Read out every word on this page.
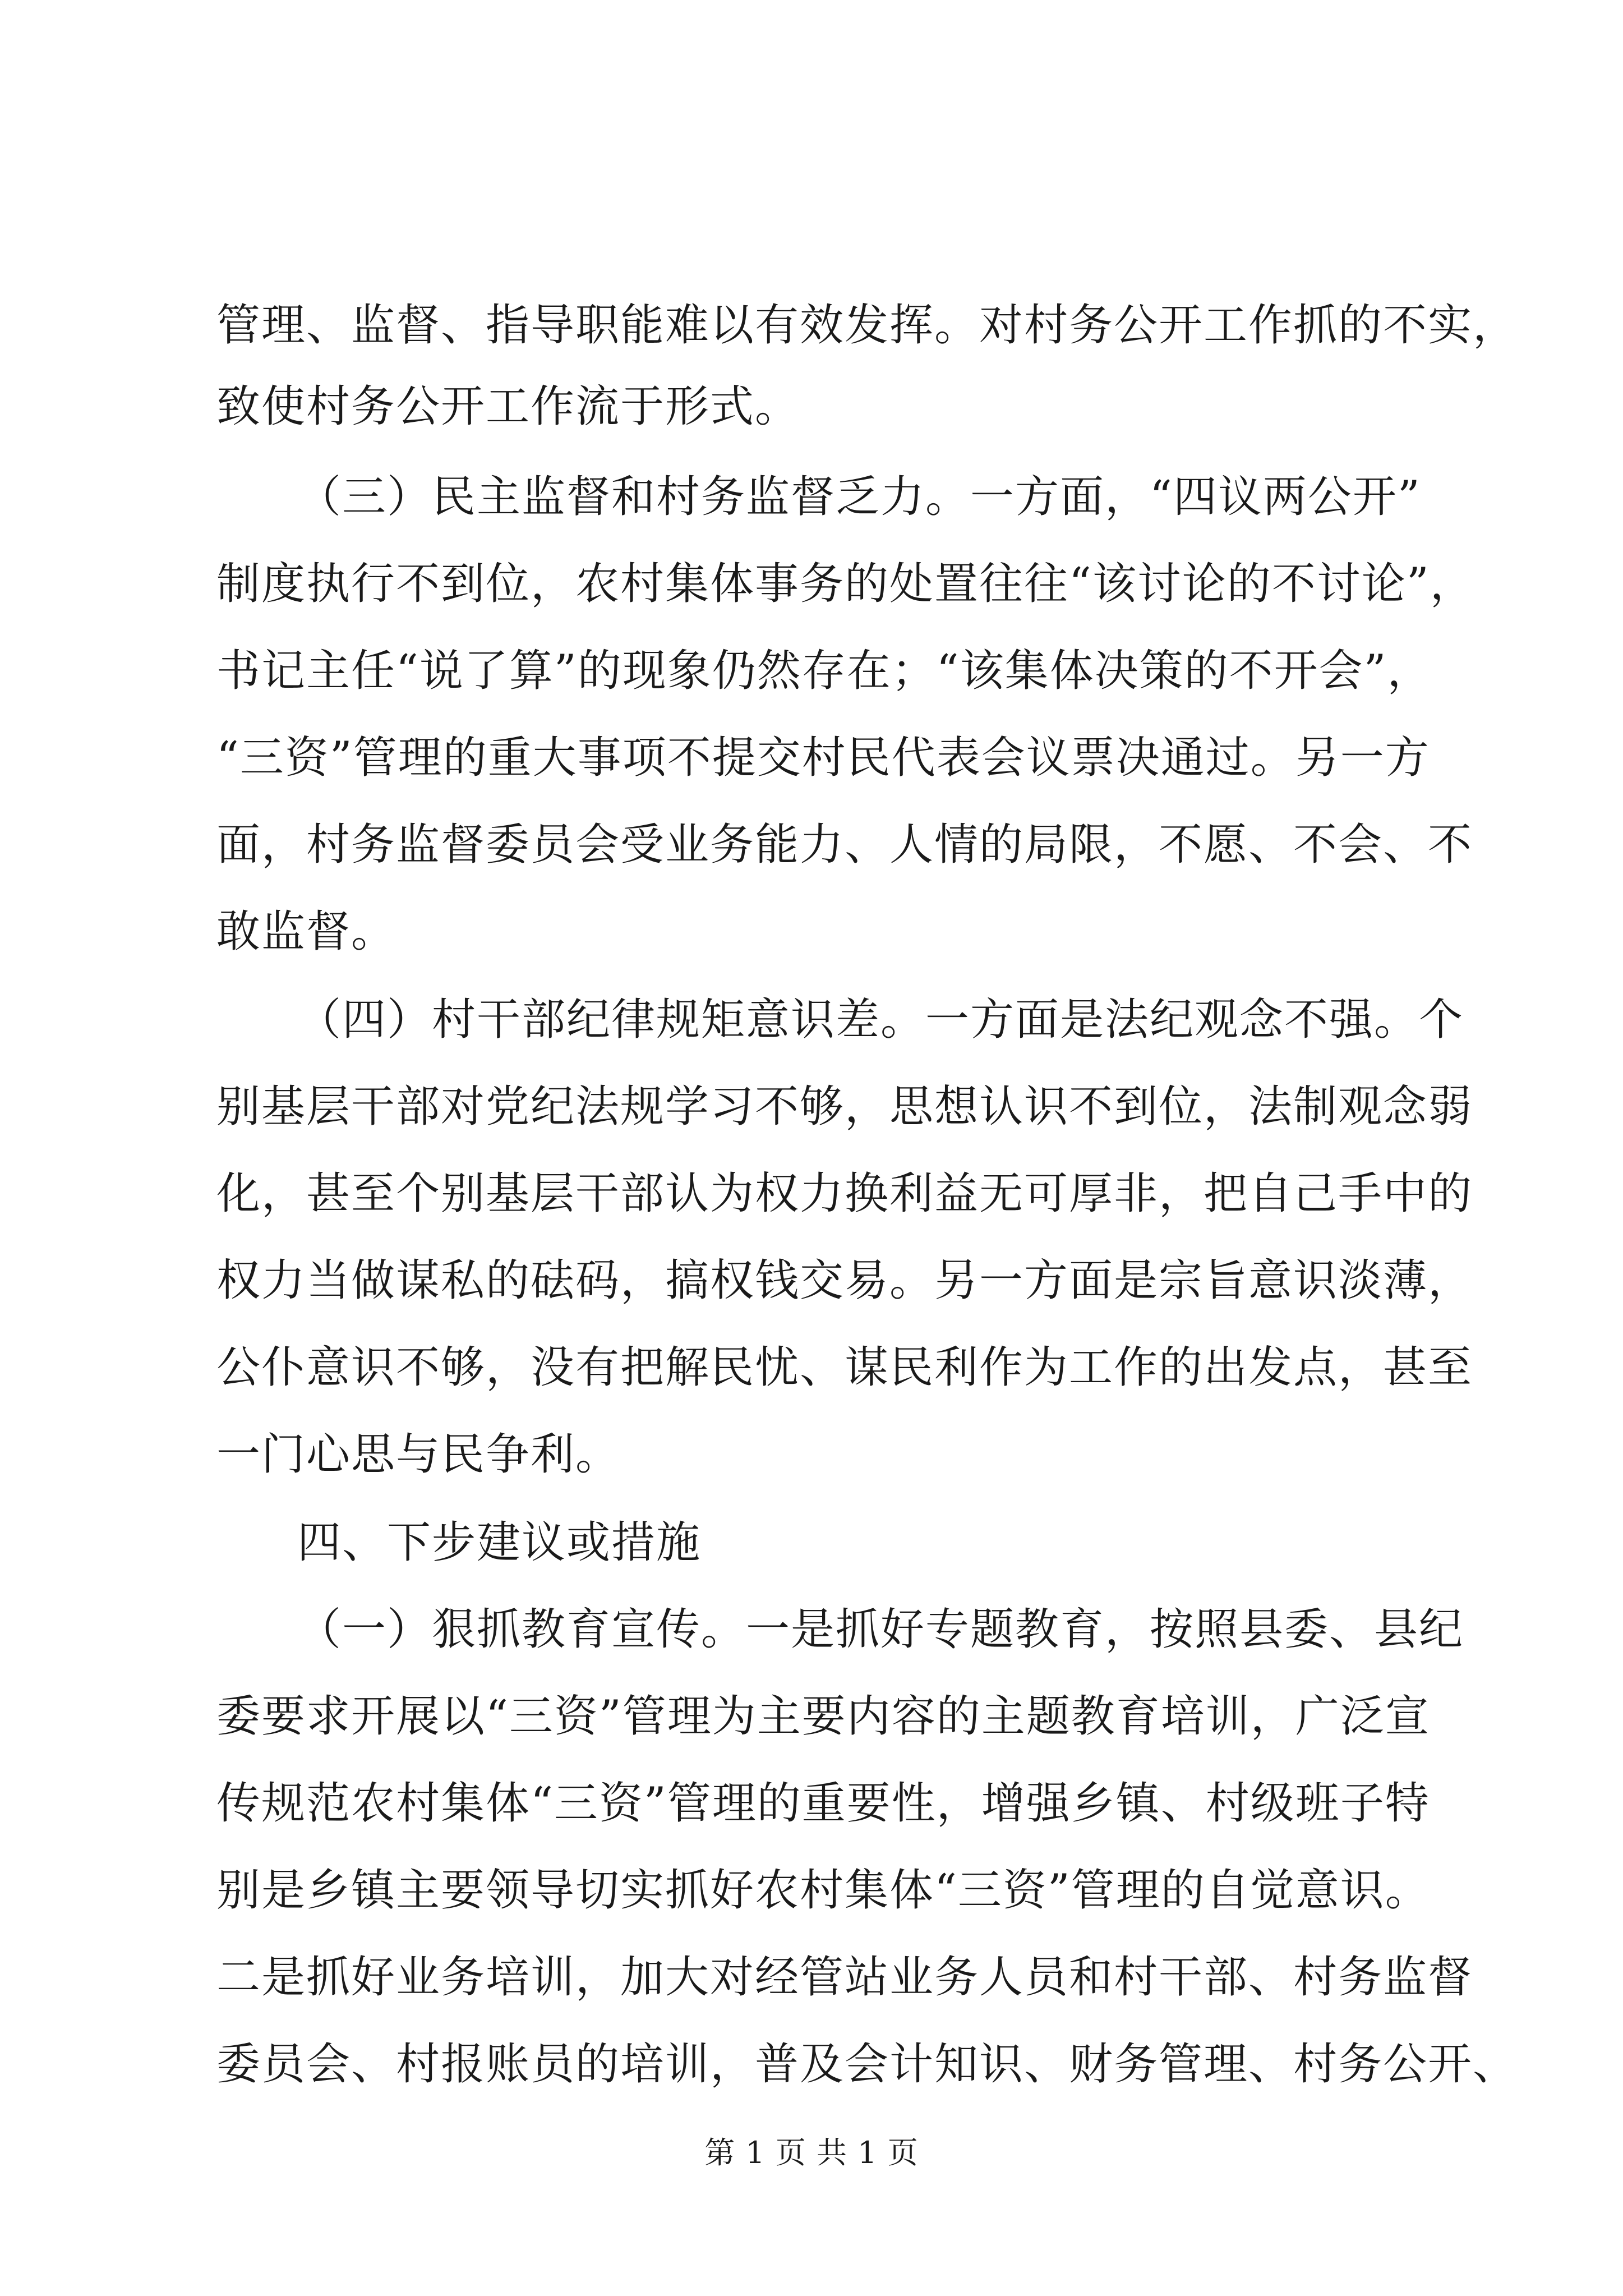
管理、监督、指导职能难以有效发挥。对村务公开工作抓的不实，
致使村务公开工作流于形式。
（三）民主监督和村务监督乏力。一方面，“四议两公开”
制度执行不到位，农村集体事务的处置往往“该讨论的不讨论”，
书记主任“说了算”的现象仍然存在；“该集体决策的不开会”，
“三资”管理的重大事项不提交村民代表会议票决通过。另一方
面，村务监督委员会受业务能力、人情的局限，不愿、不会、不
敢监督。
（四）村干部纪律规矩意识差。一方面是法纪观念不强。个
别基层干部对党纪法规学习不够，思想认识不到位，法制观念弱
化，甚至个别基层干部认为权力换利益无可厚非，把自己手中的
权力当做谋私的砝码，搞权钱交易。另一方面是宗旨意识淡薄，
公仆意识不够，没有把解民忧、谋民利作为工作的出发点，甚至
一门心思与民争利。
四、下步建议或措施
（一）狠抓教育宣传。一是抓好专题教育，按照县委、县纪
委要求开展以“三资”管理为主要内容的主题教育培训，广泛宣
传规范农村集体“三资”管理的重要性，增强乡镇、村级班子特
别是乡镇主要领导切实抓好农村集体“三资”管理的自觉意识。
二是抓好业务培训，加大对经管站业务人员和村干部、村务监督
委员会、村报账员的培训，普及会计知识、财务管理、村务公开、
第 1 页 共 1 页
